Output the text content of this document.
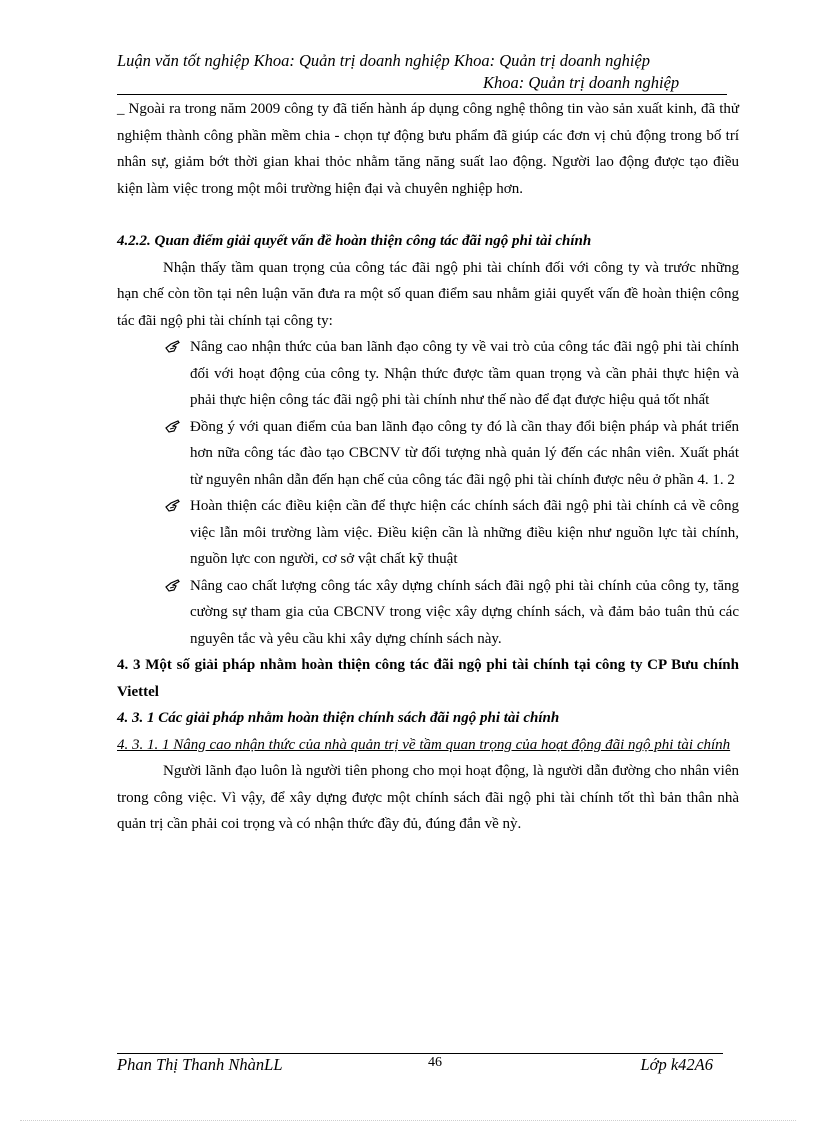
Luận văn tốt nghiệp Khoa: Quản trị doanh nghiệp Khoa: Quản trị doanh nghiệp
Khoa: Quản trị doanh nghiệp

_ Ngoài ra trong năm 2009 công ty đã tiến hành áp dụng công nghệ thông tin vào sản xuất kinh, đã thử nghiệm thành công phần mềm chia - chọn tự động bưu phẩm đã giúp các đơn vị chủ động trong bố trí nhân sự, giảm bớt thời gian khai thỏc nhằm tăng năng suất lao động. Người lao động được tạo điều kiện làm việc trong một môi trường hiện đại và chuyên nghiệp hơn.

4.2.2. Quan điểm giải quyết vấn đề hoàn thiện công tác đãi ngộ phi tài chính

Nhận thấy tầm quan trọng của công tác đãi ngộ phi tài chính đối với công ty và trước những hạn chế còn tồn tại nên luận văn đưa ra một số quan điểm sau nhằm giải quyết vấn đề hoàn thiện công tác đãi ngộ phi tài chính tại công ty:

Nâng cao nhận thức của ban lãnh đạo công ty về vai trò của công tác đãi ngộ phi tài chính đối với hoạt động của công ty. Nhận thức được tầm quan trọng và cần phải thực hiện và phải thực hiện công tác đãi ngộ phi tài chính như thế nào để đạt được hiệu quả tốt nhất
Đồng ý với quan điểm của ban lãnh đạo công ty đó là cần thay đổi biện pháp và phát triển hơn nữa công tác đào tạo CBCNV từ đối tượng nhà quản lý đến các nhân viên. Xuất phát từ nguyên nhân dẫn đến hạn chế của công tác đãi ngộ phi tài chính được nêu ở phần 4. 1. 2
Hoàn thiện các điều kiện cần để thực hiện các chính sách đãi ngộ phi tài chính cả về công việc lẫn môi trường làm việc. Điều kiện cần là những điều kiện như nguồn lực tài chính, nguồn lực con người, cơ sở vật chất kỹ thuật
Nâng cao chất lượng công tác xây dựng chính sách đãi ngộ phi tài chính của công ty, tăng cường sự tham gia của CBCNV trong việc xây dựng chính sách, và đảm bảo tuân thủ các nguyên tắc và yêu cầu khi xây dựng chính sách này.

4. 3 Một số giải pháp nhằm hoàn thiện công tác đãi ngộ phi tài chính tại công ty CP Bưu chính Viettel

4. 3. 1 Các giải pháp nhằm hoàn thiện chính sách đãi ngộ phi tài chính

4. 3. 1. 1 Nâng cao nhận thức của nhà quản trị về tầm quan trọng của hoạt động đãi ngộ phi tài chính

Người lãnh đạo luôn là người tiên phong cho mọi hoạt động, là người dẫn đường cho nhân viên trong công việc. Vì vậy, để xây dựng được một chính sách đãi ngộ phi tài chính tốt thì bản thân nhà quản trị cần phải coi trọng và có nhận thức đầy đủ, đúng đắn về nỳ.

Phan Thị Thanh NhànLL	46	Lớp k42A6
